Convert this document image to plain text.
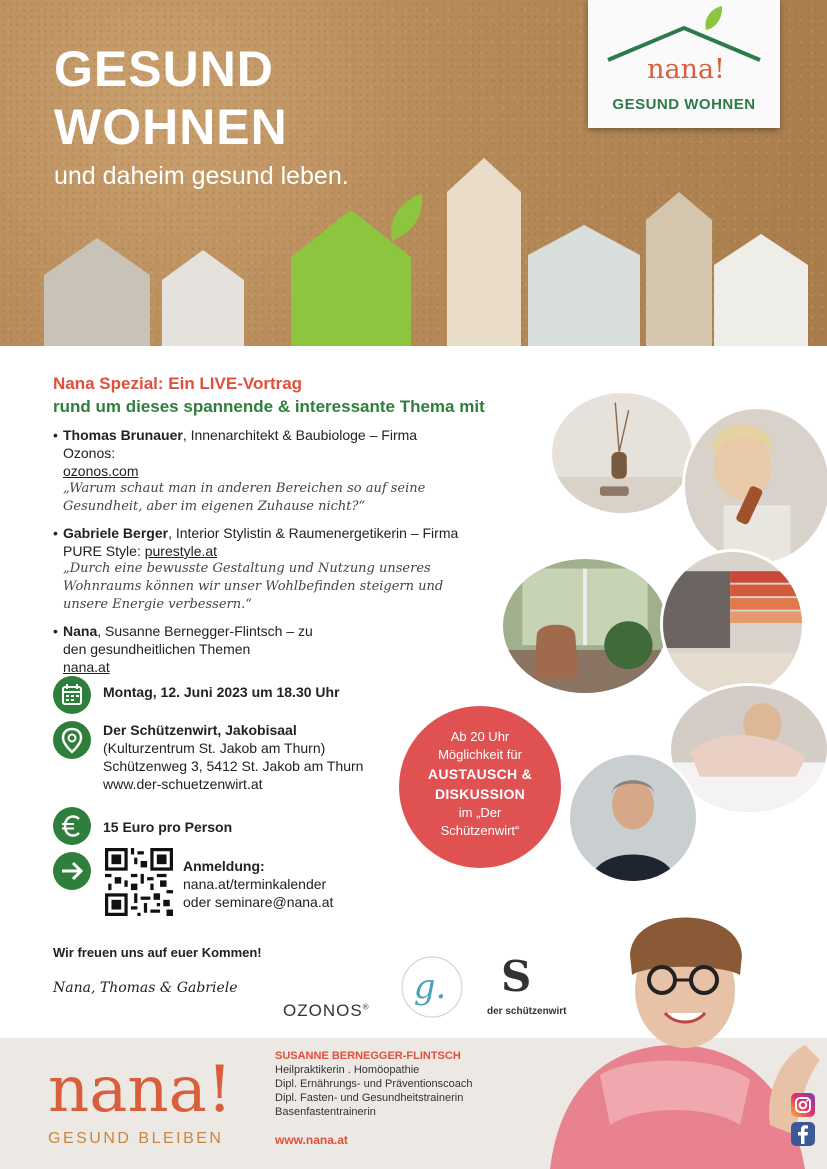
GESUND
WOHNEN
und daheim gesund leben.
nana!
GESUND WOHNEN
Nana Spezial: Ein LIVE-Vortrag
rund um dieses spannende & interessante Thema mit
• Thomas Brunauer, Innenarchitekt & Baubiologe – Firma Ozonos:
ozonos.com
„Warum schaut man in anderen Bereichen so auf seine Gesundheit, aber im eigenen Zuhause nicht?“
• Gabriele Berger, Interior Stylistin & Raumenergetikerin – Firma PURE Style: purestyle.at
„Durch eine bewusste Gestaltung und Nutzung unseres Wohnraums können wir unser Wohlbefinden steigern und unsere Energie verbessern.“
• Nana, Susanne Bernegger-Flintsch – zu den gesundheitlichen Themen
nana.at
Montag, 12. Juni 2023 um 18.30 Uhr
Der Schützenwirt, Jakobisaal
(Kulturzentrum St. Jakob am Thurn)
Schützenweg 3, 5412 St. Jakob am Thurn
www.der-schuetzenwirt.at
15 Euro pro Person
Anmeldung:
nana.at/terminkalender
oder seminare@nana.at
Wir freuen uns auf euer Kommen!
Nana, Thomas & Gabriele
OZONOS® g. S
der schützenwirt
Ab 20 Uhr
Möglichkeit für
AUSTAUSCH &
DISKUSSION
im „Der
Schützenwirt“
nana!
GESUND BLEIBEN
SUSANNE BERNEGGER-FLINTSCH
Heilpraktikerin . Homöopathie
Dipl. Ernährungs- und Präventionscoach
Dipl. Fasten- und Gesundheitstrainerin
Basenfastentrainerin
www.nana.at
